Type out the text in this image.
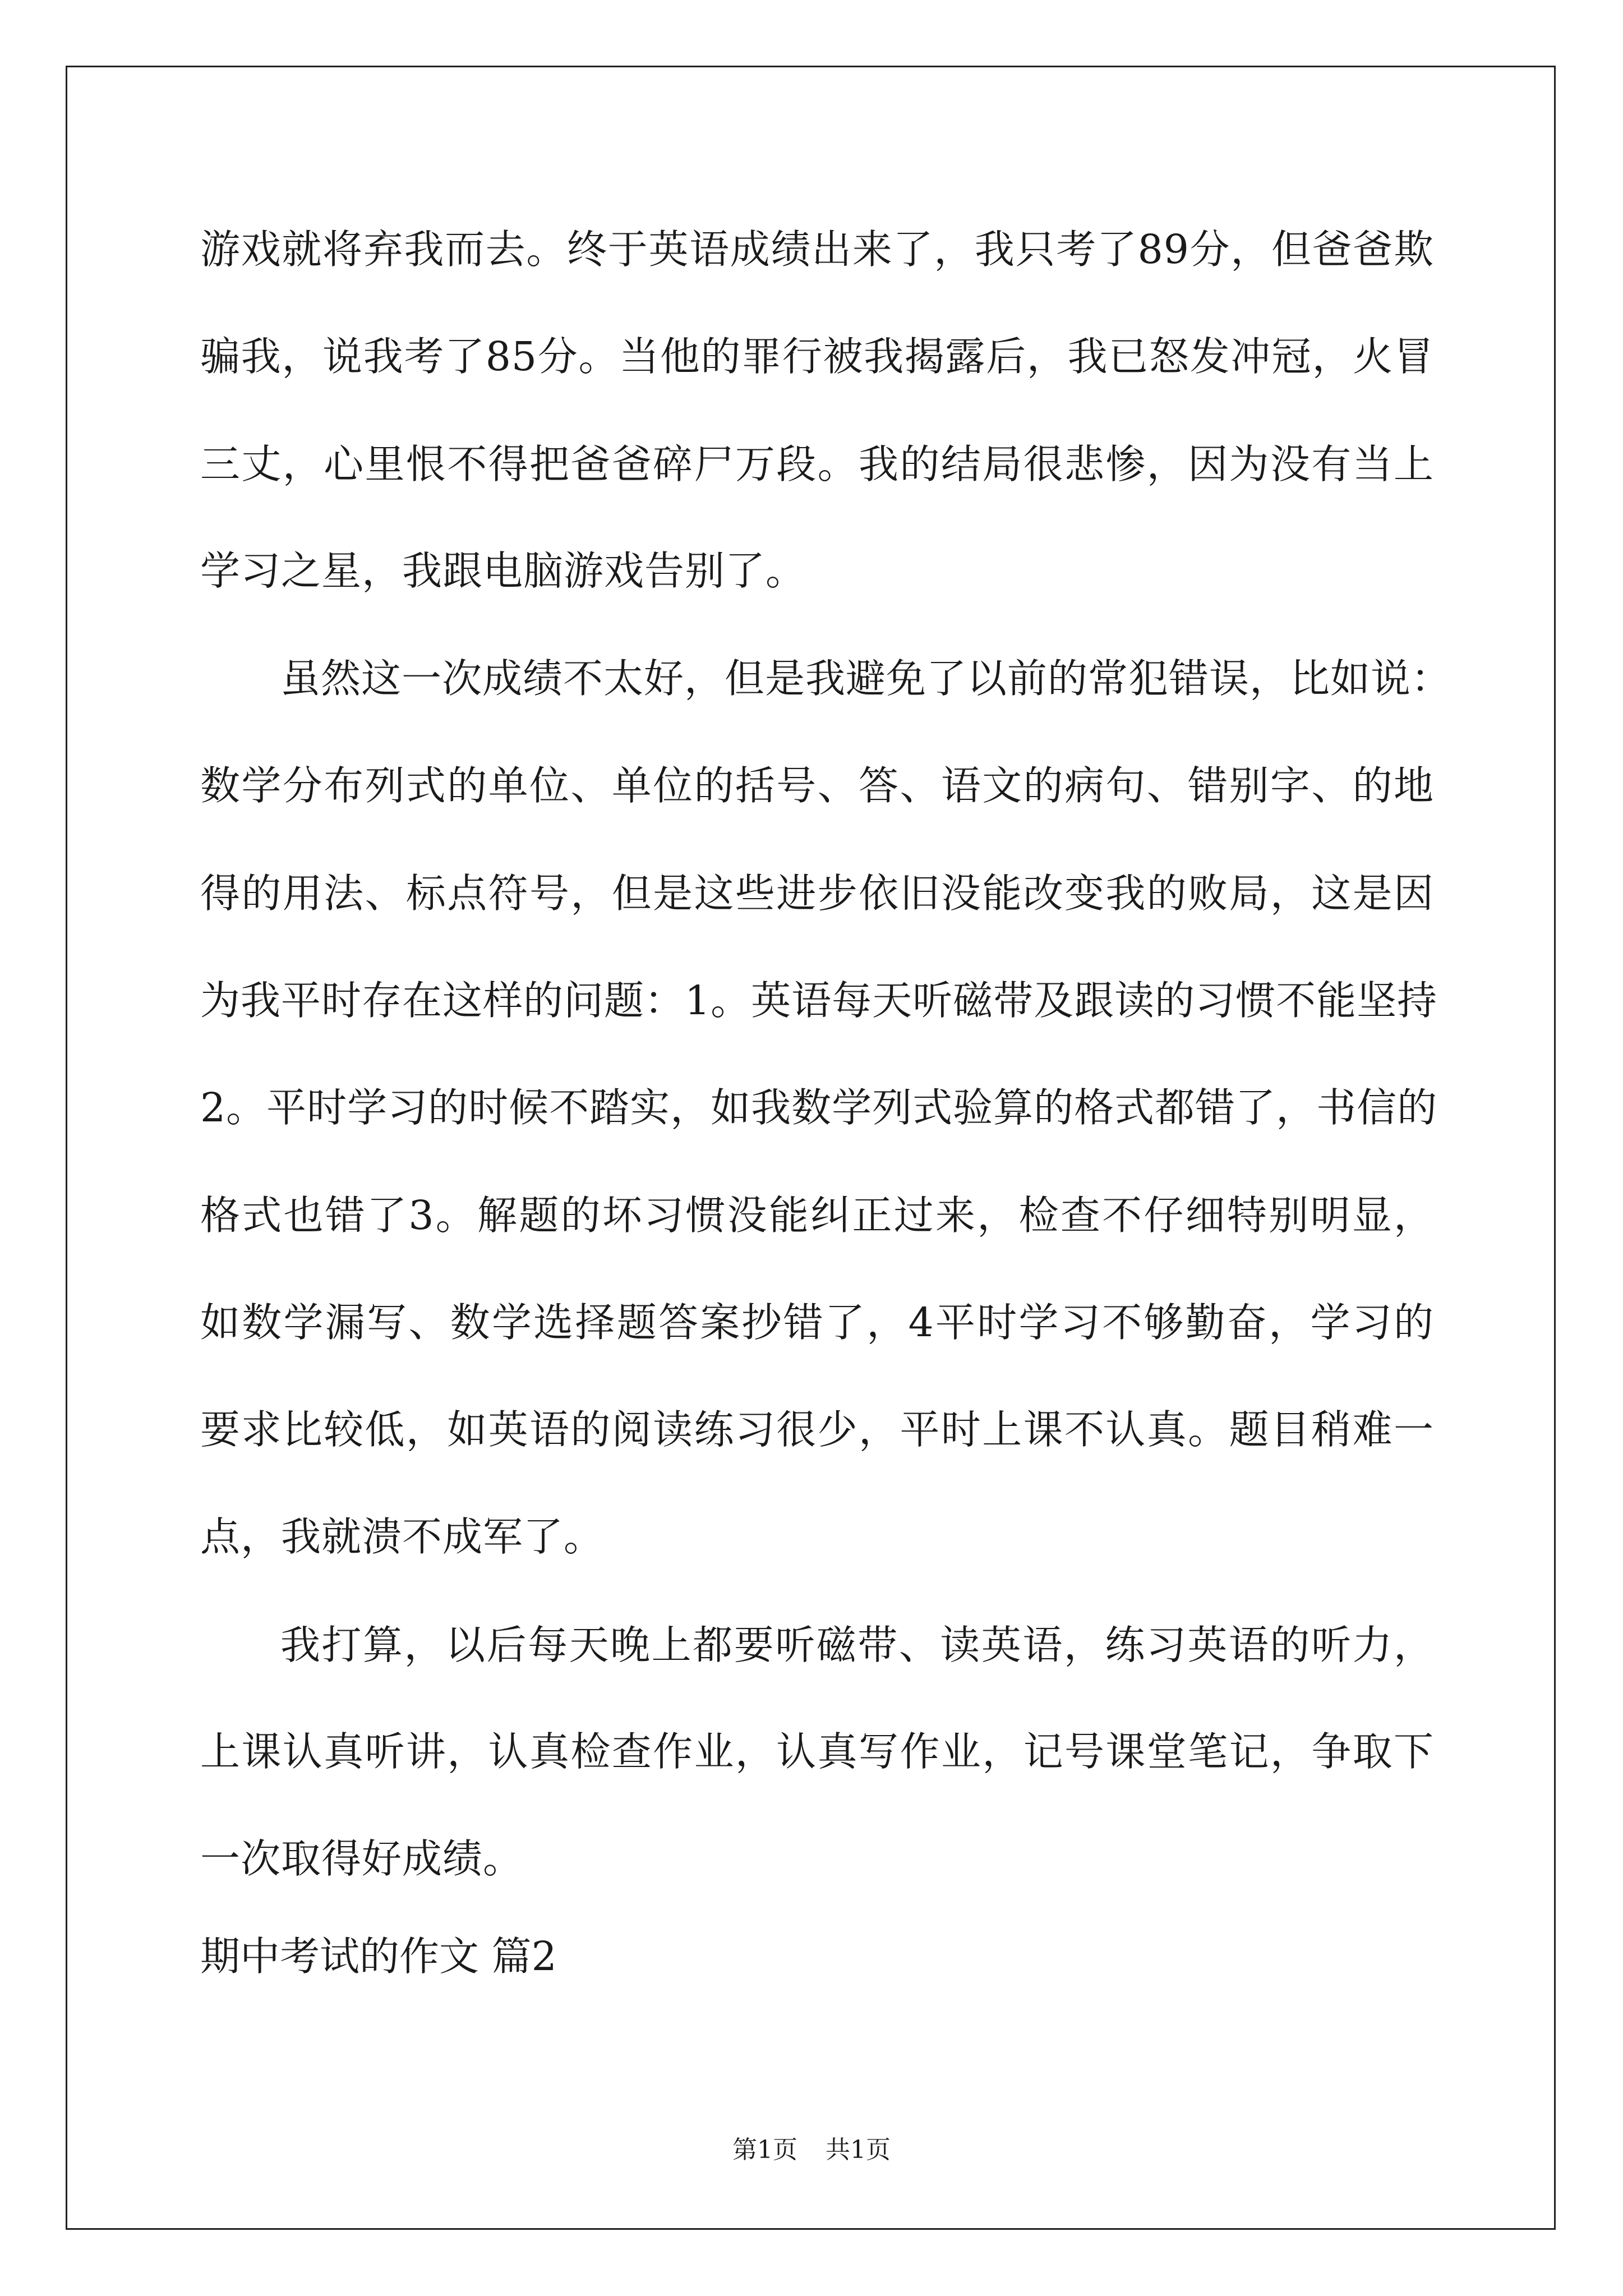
游戏就将弃我而去。终于英语成绩出来了，我只考了89分，但爸爸欺
骗我，说我考了85分。当他的罪行被我揭露后，我已怒发冲冠，火冒
三丈，心里恨不得把爸爸碎尸万段。我的结局很悲惨，因为没有当上
学习之星，我跟电脑游戏告别了。
虽然这一次成绩不太好，但是我避免了以前的常犯错误，比如说：
数学分布列式的单位、单位的括号、答、语文的病句、错别字、的地
得的用法、标点符号，但是这些进步依旧没能改变我的败局，这是因
为我平时存在这样的问题：1。英语每天听磁带及跟读的习惯不能坚持
2。平时学习的时候不踏实，如我数学列式验算的格式都错了，书信的
格式也错了3。解题的坏习惯没能纠正过来，检查不仔细特别明显，
如数学漏写、数学选择题答案抄错了，4平时学习不够勤奋，学习的
要求比较低，如英语的阅读练习很少，平时上课不认真。题目稍难一
点，我就溃不成军了。
我打算，以后每天晚上都要听磁带、读英语，练习英语的听力，
上课认真听讲，认真检查作业，认真写作业，记号课堂笔记，争取下
一次取得好成绩。
期中考试的作文 篇2
第1页 共1页
